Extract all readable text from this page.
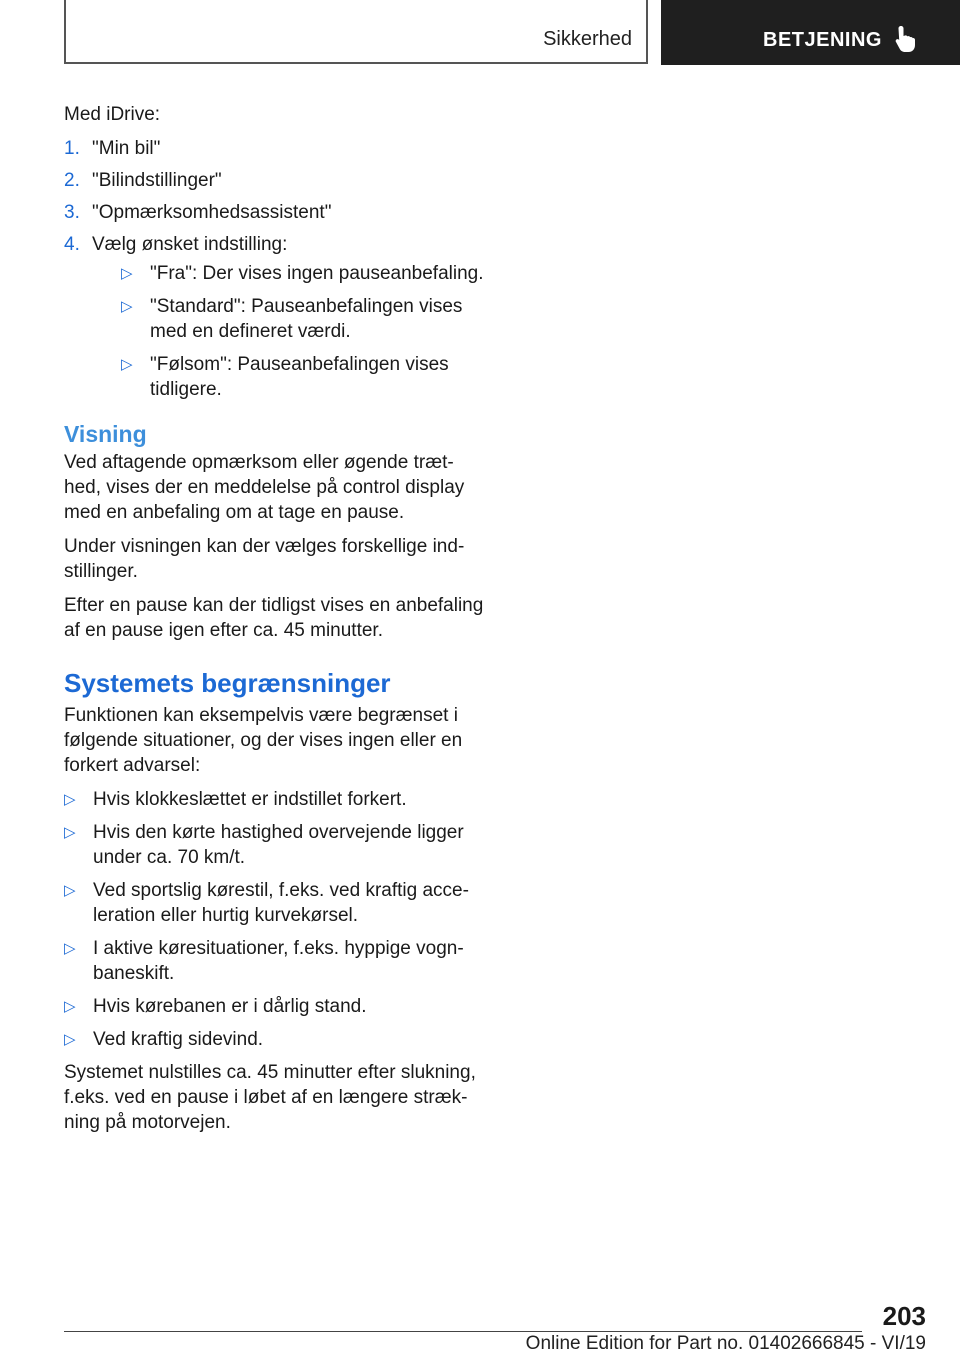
Sikkerhed	BETJENING

Med iDrive:

1. "Min bil"
2. "Bilindstillinger"
3. "Opmærksomhedsassistent"
4. Vælg ønsket indstilling:
▷ "Fra": Der vises ingen pauseanbefaling.
▷ "Standard": Pauseanbefalingen vises med en defineret værdi.
▷ "Følsom": Pauseanbefalingen vises tidligere.
Visning

Ved aftagende opmærksom eller øgende træthed, vises der en meddelelse på control display med en anbefaling om at tage en pause.

Under visningen kan der vælges forskellige indstillinger.

Efter en pause kan der tidligst vises en anbefaling af en pause igen efter ca. 45 minutter.

Systemets begrænsninger

Funktionen kan eksempelvis være begrænset i følgende situationer, og der vises ingen eller en forkert advarsel:

▷ Hvis klokkeslættet er indstillet forkert.
▷ Hvis den kørte hastighed overvejende ligger under ca. 70 km/t.
▷ Ved sportslig kørestil, f.eks. ved kraftig acceleration eller hurtig kurvekørsel.
▷ I aktive køresituationer, f.eks. hyppige vognbaneskift.
▷ Hvis kørebanen er i dårlig stand.
▷ Ved kraftig sidevind.

Systemet nulstilles ca. 45 minutter efter slukning, f.eks. ved en pause i løbet af en længere strækning på motorvejen.

203
Online Edition for Part no. 01402666845 - VI/19
